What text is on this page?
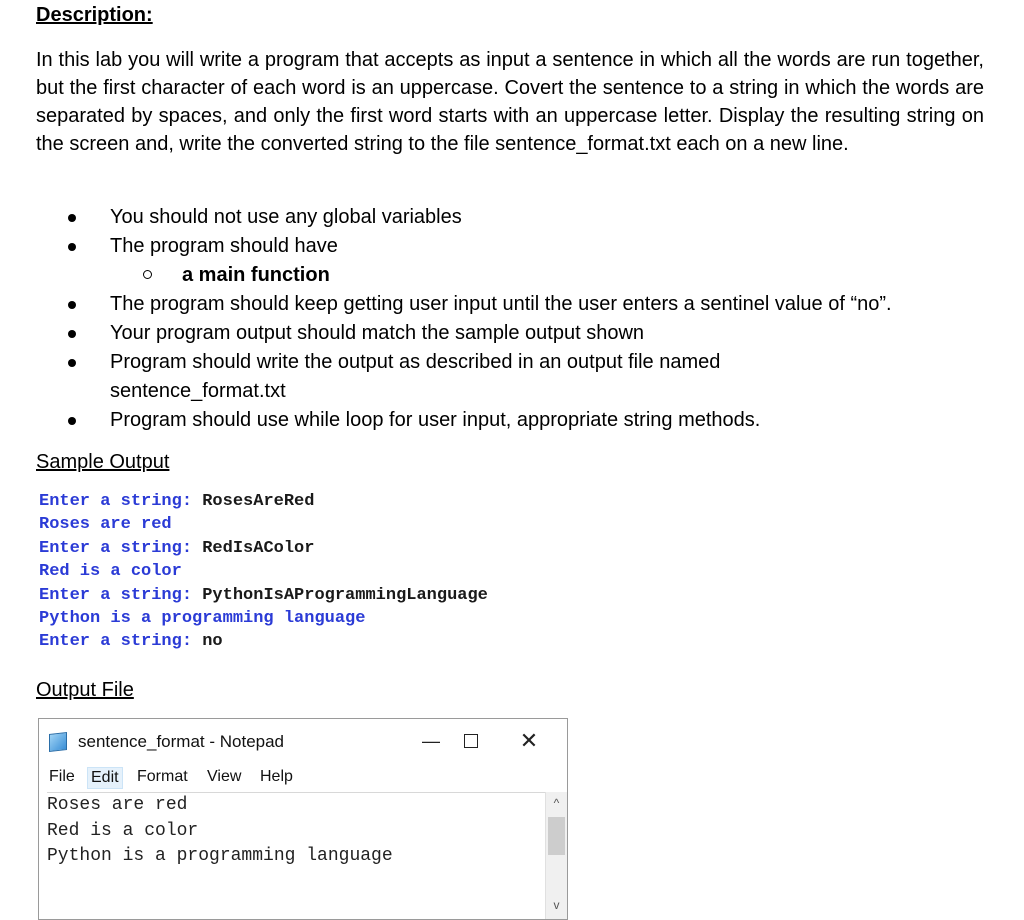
Description:

In this lab you will write a program that accepts as input a sentence in which all the words are run together, but the first character of each word is an uppercase. Covert the sentence to a string in which the words are separated by spaces, and only the first word starts with an uppercase letter. Display the resulting string on the screen and, write the converted string to the file sentence_format.txt each on a new line.

You should not use any global variables
The program should have
a main function
The program should keep getting user input until the user enters a sentinel value of “no”.
Your program output should match the sample output shown
Program should write the output as described in an output file named sentence_format.txt
Program should use while loop for user input, appropriate string methods.
Sample Output
Enter a string: RosesAreRed
Roses are red
Enter a string: RedIsAColor
Red is a color
Enter a string: PythonIsAProgrammingLanguage
Python is a programming language
Enter a string: no
Output File
sentence_format - Notepad	—	✕
File Edit Format View Help
Roses are red
Red is a color
Python is a programming language
^
v
